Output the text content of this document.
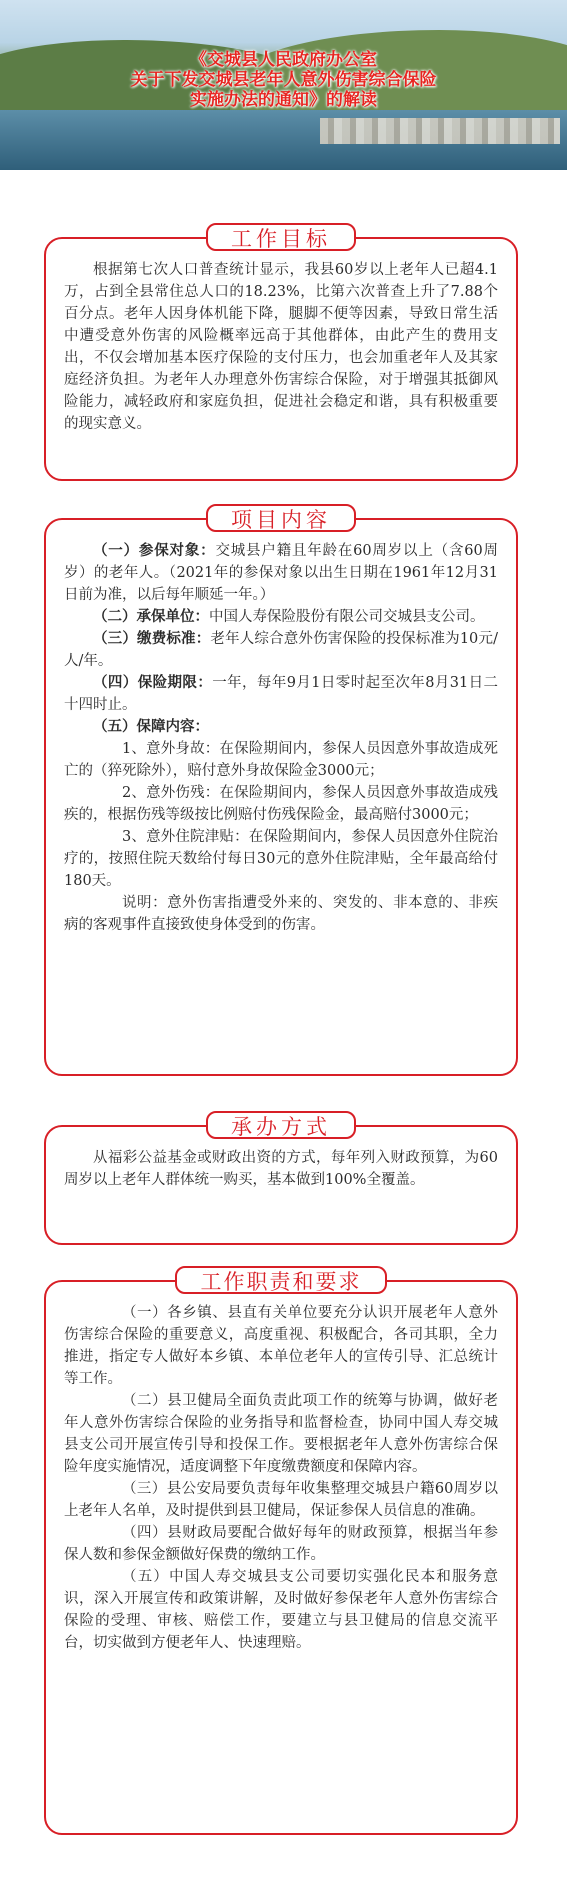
《交城县人民政府办公室
关于下发交城县老年人意外伤害综合保险
实施办法的通知》的解读
工作目标

根据第七次人口普查统计显示，我县60岁以上老年人已超4.1万，占到全县常住总人口的18.23%，比第六次普查上升了7.88个百分点。老年人因身体机能下降，腿脚不便等因素，导致日常生活中遭受意外伤害的风险概率远高于其他群体，由此产生的费用支出，不仅会增加基本医疗保险的支付压力，也会加重老年人及其家庭经济负担。为老年人办理意外伤害综合保险，对于增强其抵御风险能力，减轻政府和家庭负担，促进社会稳定和谐，具有积极重要的现实意义。

项目内容

（一）参保对象：交城县户籍且年龄在60周岁以上（含60周岁）的老年人。（2021年的参保对象以出生日期在1961年12月31日前为准，以后每年顺延一年。）

（二）承保单位：中国人寿保险股份有限公司交城县支公司。

（三）缴费标准：老年人综合意外伤害保险的投保标准为10元/人/年。

（四）保险期限：一年，每年9月1日零时起至次年8月31日二十四时止。

（五）保障内容：

1、意外身故：在保险期间内，参保人员因意外事故造成死亡的（猝死除外），赔付意外身故保险金3000元；

2、意外伤残：在保险期间内，参保人员因意外事故造成残疾的，根据伤残等级按比例赔付伤残保险金，最高赔付3000元；

3、意外住院津贴：在保险期间内，参保人员因意外住院治疗的，按照住院天数给付每日30元的意外住院津贴，全年最高给付180天。

说明：意外伤害指遭受外来的、突发的、非本意的、非疾病的客观事件直接致使身体受到的伤害。

承办方式

从福彩公益基金或财政出资的方式，每年列入财政预算，为60周岁以上老年人群体统一购买，基本做到100%全覆盖。

工作职责和要求

（一）各乡镇、县直有关单位要充分认识开展老年人意外伤害综合保险的重要意义，高度重视、积极配合，各司其职，全力推进，指定专人做好本乡镇、本单位老年人的宣传引导、汇总统计等工作。

（二）县卫健局全面负责此项工作的统筹与协调，做好老年人意外伤害综合保险的业务指导和监督检查，协同中国人寿交城县支公司开展宣传引导和投保工作。要根据老年人意外伤害综合保险年度实施情况，适度调整下年度缴费额度和保障内容。

（三）县公安局要负责每年收集整理交城县户籍60周岁以上老年人名单，及时提供到县卫健局，保证参保人员信息的准确。

（四）县财政局要配合做好每年的财政预算，根据当年参保人数和参保金额做好保费的缴纳工作。

（五）中国人寿交城县支公司要切实强化民本和服务意识，深入开展宣传和政策讲解，及时做好参保老年人意外伤害综合保险的受理、审核、赔偿工作，要建立与县卫健局的信息交流平台，切实做到方便老年人、快速理赔。
